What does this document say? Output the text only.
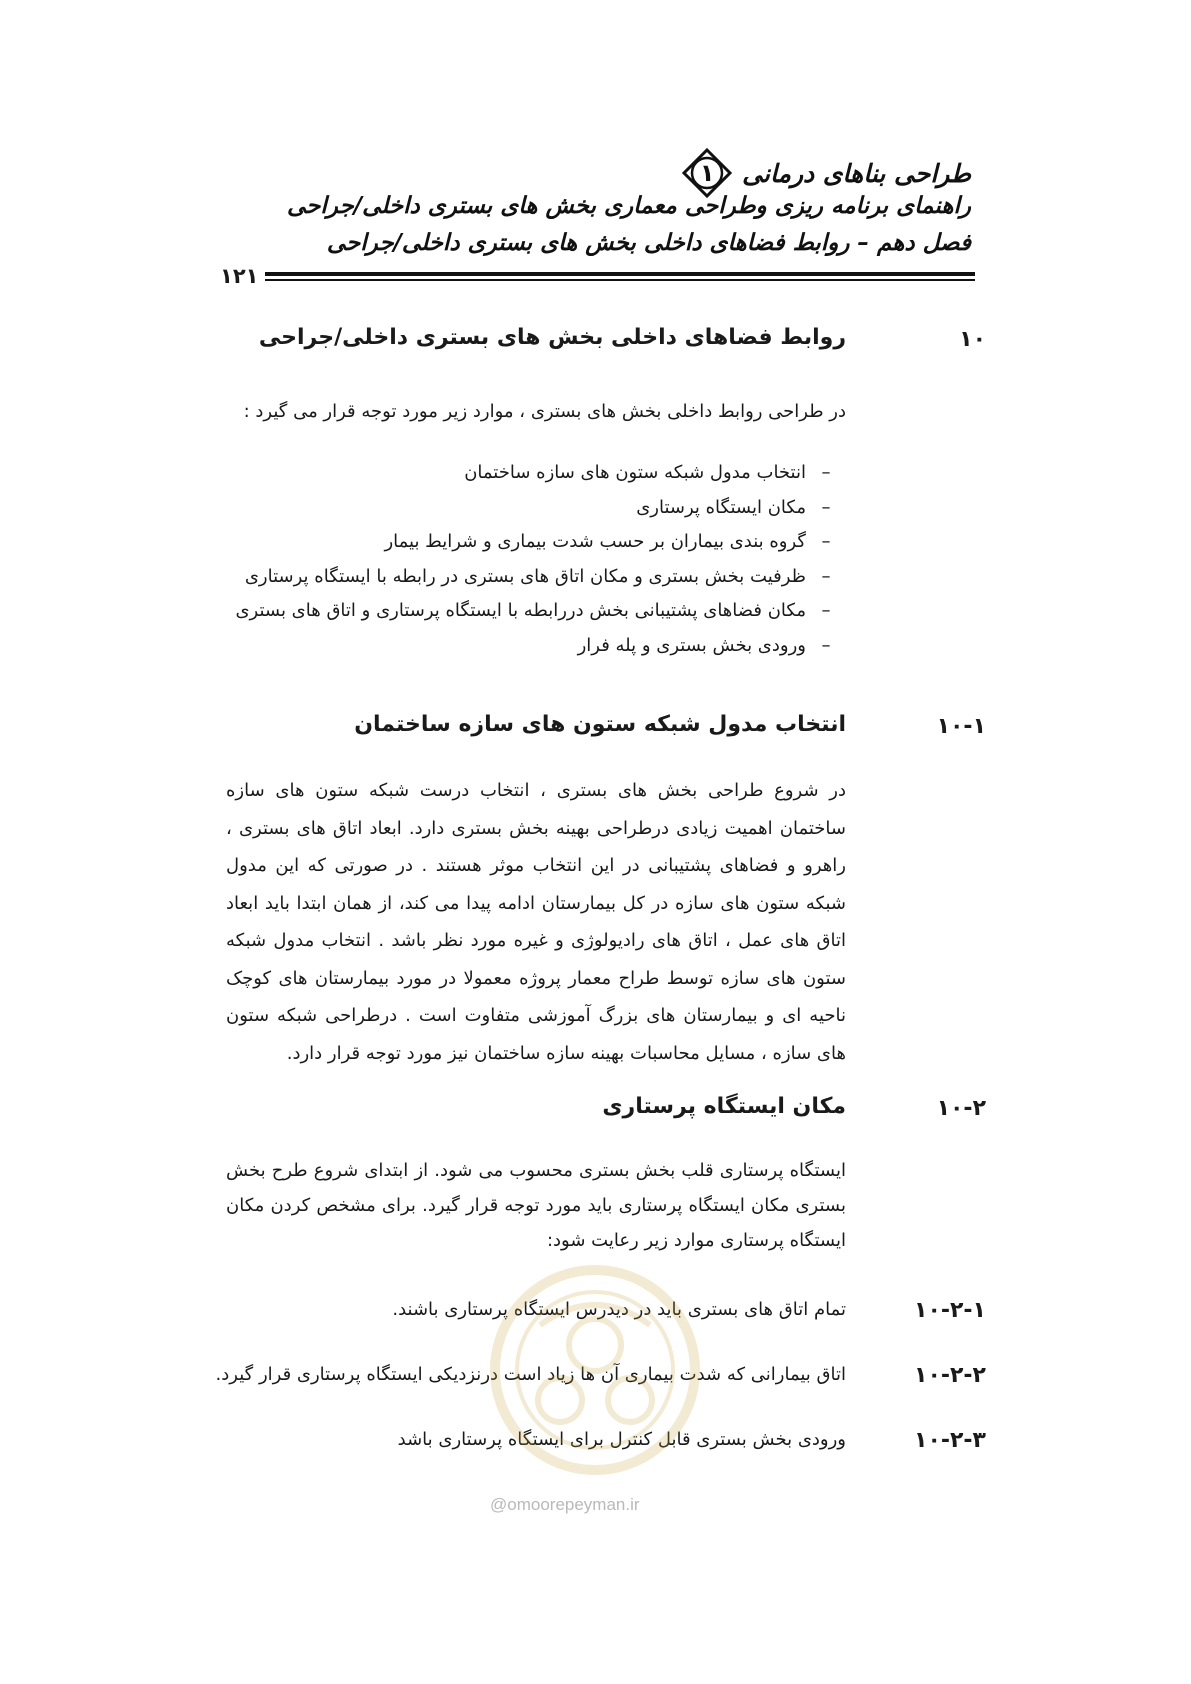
طراحی بناهای درمانی
۱
راهنمای برنامه ریزی وطراحی معماری بخش های بستری داخلی/جراحی
فصل دهم – روابط فضاهای داخلی بخش های بستری داخلی/جراحی
۱۲۱
۱۰
روابط فضاهای داخلی بخش های بستری داخلی/جراحی
در طراحی روابط داخلی بخش های بستری ، موارد زیر مورد توجه قرار می گیرد :
–انتخاب مدول شبکه ستون های سازه ساختمان
–مکان ایستگاه پرستاری
–گروه بندی بیماران بر حسب شدت بیماری و شرایط بیمار
–ظرفیت بخش بستری و مکان اتاق های بستری در رابطه با ایستگاه پرستاری
–مکان فضاهای پشتیبانی بخش دررابطه با ایستگاه پرستاری و اتاق های بستری
–ورودی بخش بستری و پله فرار
۱۰-۱
انتخاب مدول شبکه ستون های سازه ساختمان
در شروع طراحی بخش های بستری ، انتخاب درست شبکه ستون های سازه ساختمان اهمیت زیادی درطراحی بهینه بخش بستری دارد. ابعاد اتاق های بستری ، راهرو و فضاهای پشتیبانی در این انتخاب موثر هستند . در صورتی که این مدول شبکه ستون های سازه در کل بیمارستان ادامه پیدا می کند، از همان ابتدا باید ابعاد اتاق های عمل ، اتاق های رادیولوژی و غیره مورد نظر باشد . انتخاب مدول شبکه ستون های سازه توسط طراح معمار پروژه معمولا در مورد بیمارستان های کوچک ناحیه ای و بیمارستان های بزرگ آموزشی متفاوت است . درطراحی شبکه ستون های سازه ، مسایل محاسبات بهینه سازه ساختمان نیز مورد توجه قرار دارد.
۱۰-۲
مکان ایستگاه پرستاری
ایستگاه پرستاری قلب بخش بستری محسوب می شود. از ابتدای شروع طرح بخش بستری مکان ایستگاه پرستاری باید مورد توجه قرار گیرد. برای مشخص کردن مکان ایستگاه پرستاری موارد زیر رعایت شود:
۱۰-۲-۱
تمام اتاق های بستری باید در دیدرس ایستگاه پرستاری باشند.
۱۰-۲-۲
اتاق بیمارانی که شدت بیماری آن ها زیاد است درنزدیکی ایستگاه پرستاری قرار گیرد.
۱۰-۲-۳
ورودی بخش بستری قابل کنترل برای ایستگاه پرستاری باشد
@omoorepeyman.ir
